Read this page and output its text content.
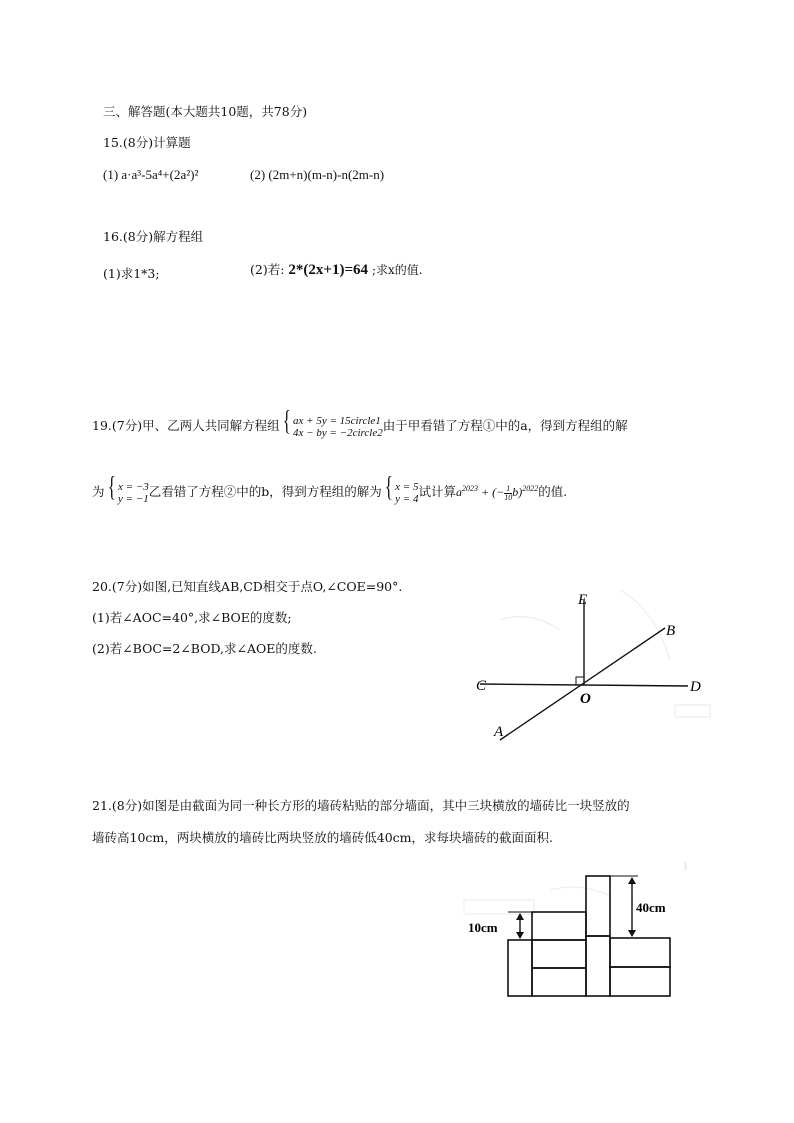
三、解答题(本大题共10题，共78分)
15.(8分)计算题
(1) a·a³-5a⁴+(2a²)²	(2) (2m+n)(m-n)-n(2m-n)
16.(8分)解方程组
(1)求1*3;	(2)若: 2*(2x+1)=64 ;求x的值.
19.(7分)甲、乙两人共同解方程组{ ax + 5y = 15circle1
4x − by = −2circle2 由于甲看错了方程①中的a，得到方程组的解
为{ x = −3
y = −1 乙看错了方程②中的b，得到方程组的解为{ x = 5
y = 4 试计算$a^{2023}$ + (− $\frac{1}{10} b)^{2022}$的值.
20.(7分)如图,已知直线AB,CD相交于点O,∠COE=90°.
(1)若∠AOC=40°,求∠BOE的度数;
(2)若∠BOC=2∠BOD,求∠AOE的度数.
E
B
C
O
D
A
21.(8分)如图是由截面为同一种长方形的墙砖粘贴的部分墙面，其中三块横放的墙砖比一块竖放的
墙砖高10cm，两块横放的墙砖比两块竖放的墙砖低40cm，求每块墙砖的截面面积.
10cm
40cm
